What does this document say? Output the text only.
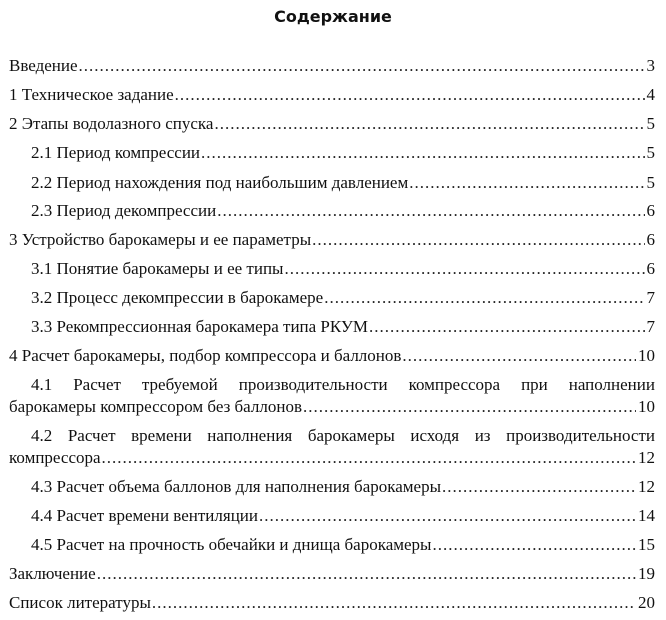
Содержание
Введение .....	3
1 Техническое задание .....	4
2 Этапы водолазного спуска .....	5
2.1 Период компрессии .....	5
2.2 Период нахождения под наибольшим давлением .....	5
2.3 Период декомпрессии .....	6
3 Устройство барокамеры и ее параметры .....	6
3.1 Понятие барокамеры и ее типы .....	6
3.2 Процесс декомпрессии в барокамере .....	7
3.3 Рекомпрессионная барокамера типа РКУМ .....	7
4 Расчет барокамеры, подбор компрессора и баллонов .....	10
4.1 Расчет требуемой производительности компрессора при наполнении
барокамеры компрессором без баллонов .....	10
4.2 Расчет времени наполнения барокамеры исходя из производительности
компрессора .....	12
4.3 Расчет объема баллонов для наполнения барокамеры .....	12
4.4 Расчет времени вентиляции .....	14
4.5 Расчет на прочность обечайки и днища барокамеры .....	15
Заключение .....	19
Список литературы .....	20
